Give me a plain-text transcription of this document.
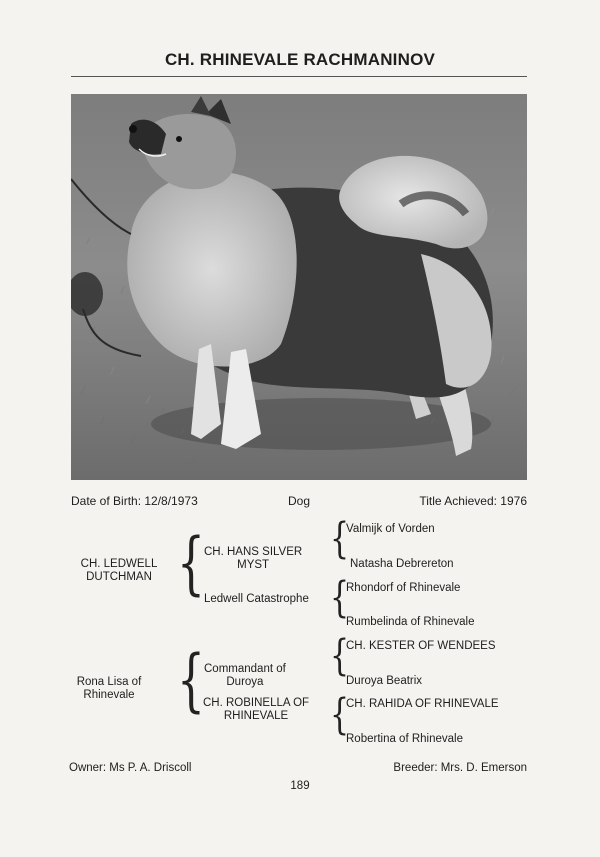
CH. RHINEVALE RACHMANINOV
Date of Birth: 12/8/1973	Dog	Title Achieved: 1976
CH. LEDWELL
DUTCHMAN
Rona Lisa of
Rhinevale
{
{
CH. HANS SILVER
MYST
Ledwell Catastrophe
Commandant of
Duroya
CH. ROBINELLA OF
RHINEVALE
{
{
{
{
Valmijk of Vorden
Natasha Debrereton
Rhondorf of Rhinevale
Rumbelinda of Rhinevale
CH. KESTER OF WENDEES
Duroya Beatrix
CH. RAHIDA OF RHINEVALE
Robertina of Rhinevale
Owner: Ms P. A. Driscoll	Breeder: Mrs. D. Emerson
189
